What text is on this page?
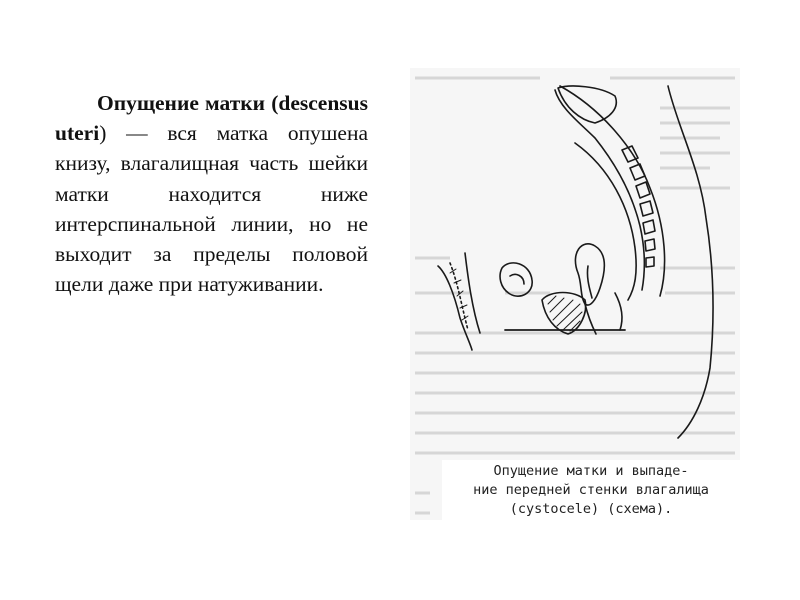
Опущение матки (descensus uteri) — вся матка опушена книзу, влагалищная часть шейки матки находится ниже интерспинальной линии, но не выходит за пределы половой щели даже при натуживании.

Опущение матки и выпаде-
ние передней стенки влагалища
(cystocele) (схема).
